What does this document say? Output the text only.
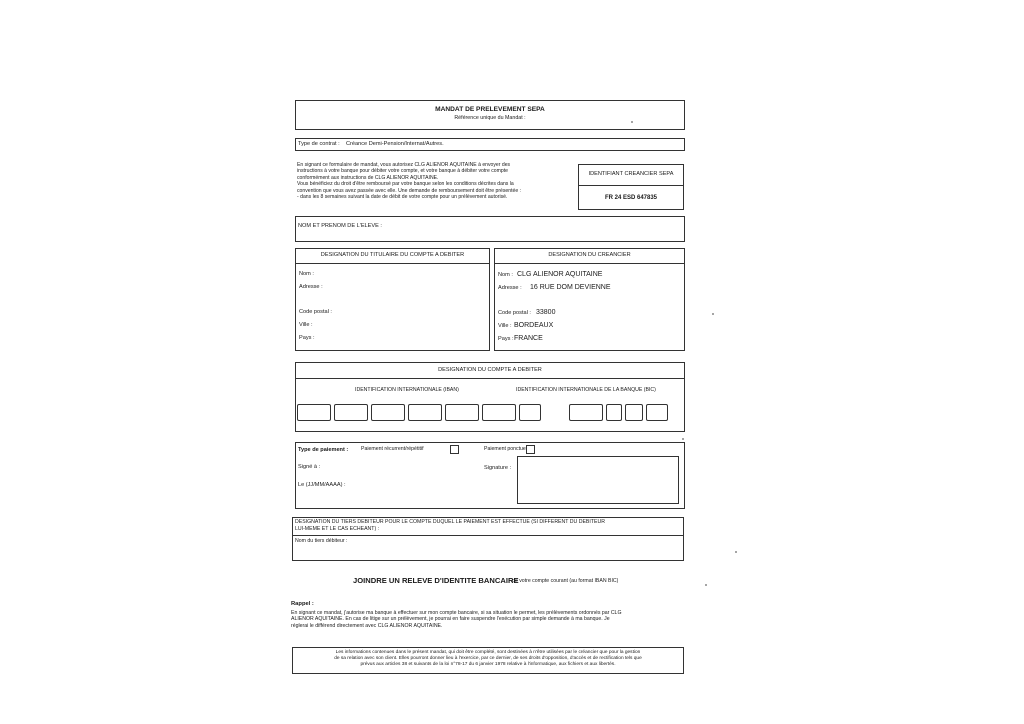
MANDAT DE PRELEVEMENT SEPA
Référence unique du Mandat :
Type de contrat : Créance Demi-Pension/Internat/Autres.
En signant ce formulaire de mandat, vous autorisez CLG ALIENOR AQUITAINE à envoyer des
instructions à votre banque pour débiter votre compte, et votre banque à débiter votre compte
conformément aux instructions de CLG ALIENOR AQUITAINE.
Vous bénéficiez du droit d'être remboursé par votre banque selon les conditions décrites dans la
convention que vous avez passée avec elle. Une demande de remboursement doit être présentée :
- dans les 8 semaines suivant la date de débit de votre compte pour un prélèvement autorisé.
IDENTIFIANT CREANCIER SEPA
FR 24 ESD 647835
NOM ET PRENOM DE L'ELEVE :
DESIGNATION DU TITULAIRE DU COMPTE A DEBITER
Nom :
Adresse :
Code postal :
Ville :
Pays :
DESIGNATION DU CREANCIER
Nom : CLG ALIENOR AQUITAINE
Adresse : 16 RUE DOM DEVIENNE
Code postal : 33800
Ville : BORDEAUX
Pays : FRANCE
DESIGNATION DU COMPTE A DEBITER
IDENTIFICATION INTERNATIONALE (IBAN)	IDENTIFICATION INTERNATIONALE DE LA BANQUE (BIC)
Type de paiement : Paiement récurrent/répétitif	Paiement ponctuel
Signé à :
Le (JJ/MM/AAAA) :
Signature :
DESIGNATION DU TIERS DEBITEUR POUR LE COMPTE DUQUEL LE PAIEMENT EST EFFECTUE (SI DIFFERENT DU DEBITEUR
LUI-MEME ET LE CAS ECHEANT) :
Nom du tiers débiteur :
JOINDRE UN RELEVE D'IDENTITE BANCAIRE
de votre compte courant (au format IBAN BIC)
Rappel :
En signant ce mandat, j'autorise ma banque à effectuer sur mon compte bancaire, si sa situation le permet, les prélèvements ordonnés par CLG
ALIENOR AQUITAINE. En cas de litige sur un prélèvement, je pourrai en faire suspendre l'exécution par simple demande à ma banque. Je
réglerai le différend directement avec CLG ALIENOR AQUITAINE.
Les informations contenues dans le présent mandat, qui doit être complété, sont destinées à n'être utilisées par le créancier que pour la gestion
de sa relation avec son client. Elles pourront donner lieu à l'exercice, par ce dernier, de ses droits d'opposition, d'accès et de rectification tels que
prévus aux articles 38 et suivants de la loi n°78-17 du 6 janvier 1978 relative à l'informatique, aux fichiers et aux libertés.
